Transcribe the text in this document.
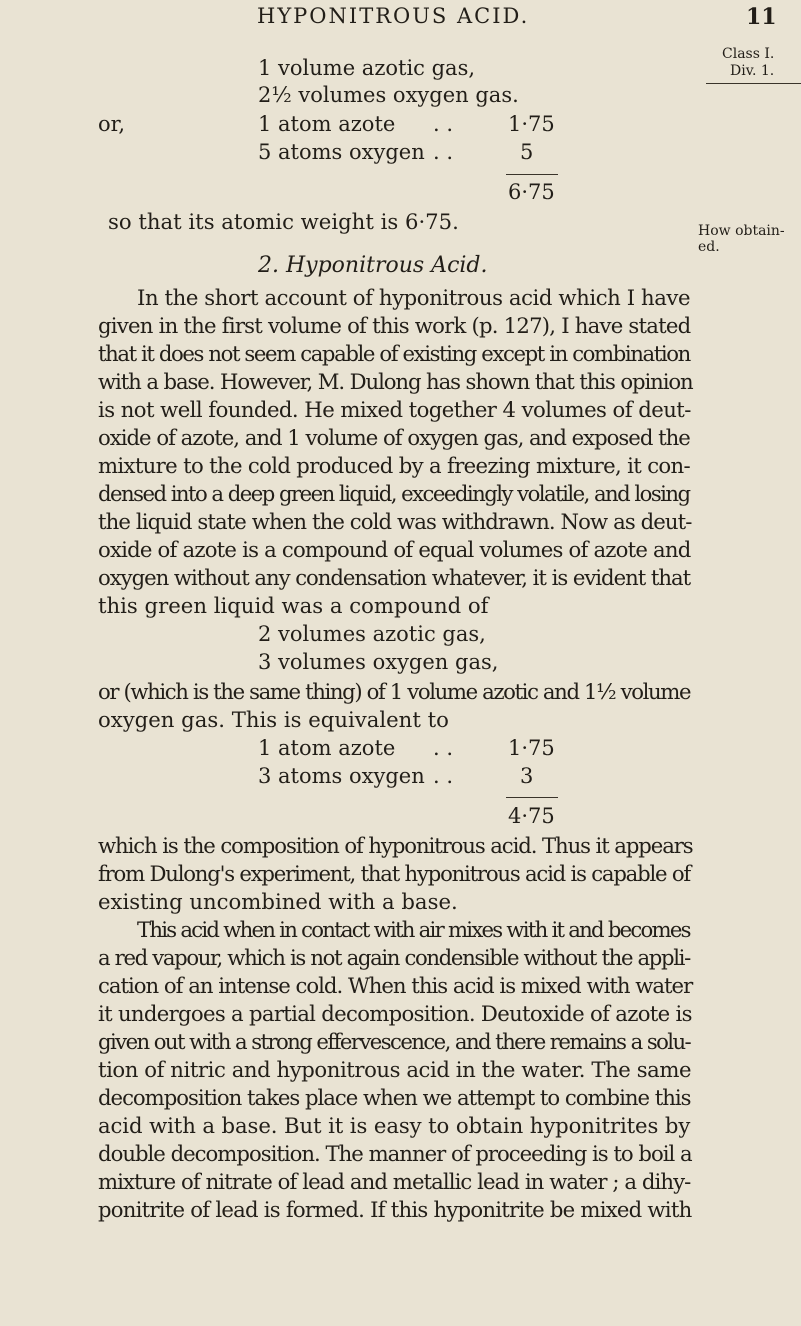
HYPONITROUS ACID.	11
Class I.
Div. 1.
How obtain-
ed.
1 volume azotic gas,
2½ volumes oxygen gas.
or,	1 atom azote . .	1·75
5 atoms oxygen . .	5
6·75
so that its atomic weight is 6·75.
2. Hyponitrous Acid.
In the short account of hyponitrous acid which I have
given in the first volume of this work (p. 127), I have stated
that it does not seem capable of existing except in combination
with a base. However, M. Dulong has shown that this opinion
is not well founded. He mixed together 4 volumes of deut-
oxide of azote, and 1 volume of oxygen gas, and exposed the
mixture to the cold produced by a freezing mixture, it con-
densed into a deep green liquid, exceedingly volatile, and losing
the liquid state when the cold was withdrawn. Now as deut-
oxide of azote is a compound of equal volumes of azote and
oxygen without any condensation whatever, it is evident that
this green liquid was a compound of
2 volumes azotic gas,
3 volumes oxygen gas,
or (which is the same thing) of 1 volume azotic and 1½ volume
oxygen gas. This is equivalent to
1 atom azote . .	1·75
3 atoms oxygen . .	3
4·75
which is the composition of hyponitrous acid. Thus it appears
from Dulong's experiment, that hyponitrous acid is capable of
existing uncombined with a base.
This acid when in contact with air mixes with it and becomes
a red vapour, which is not again condensible without the appli-
cation of an intense cold. When this acid is mixed with water
it undergoes a partial decomposition. Deutoxide of azote is
given out with a strong effervescence, and there remains a solu-
tion of nitric and hyponitrous acid in the water. The same
decomposition takes place when we attempt to combine this
acid with a base. But it is easy to obtain hyponitrites by
double decomposition. The manner of proceeding is to boil a
mixture of nitrate of lead and metallic lead in water ; a dihy-
ponitrite of lead is formed. If this hyponitrite be mixed with
